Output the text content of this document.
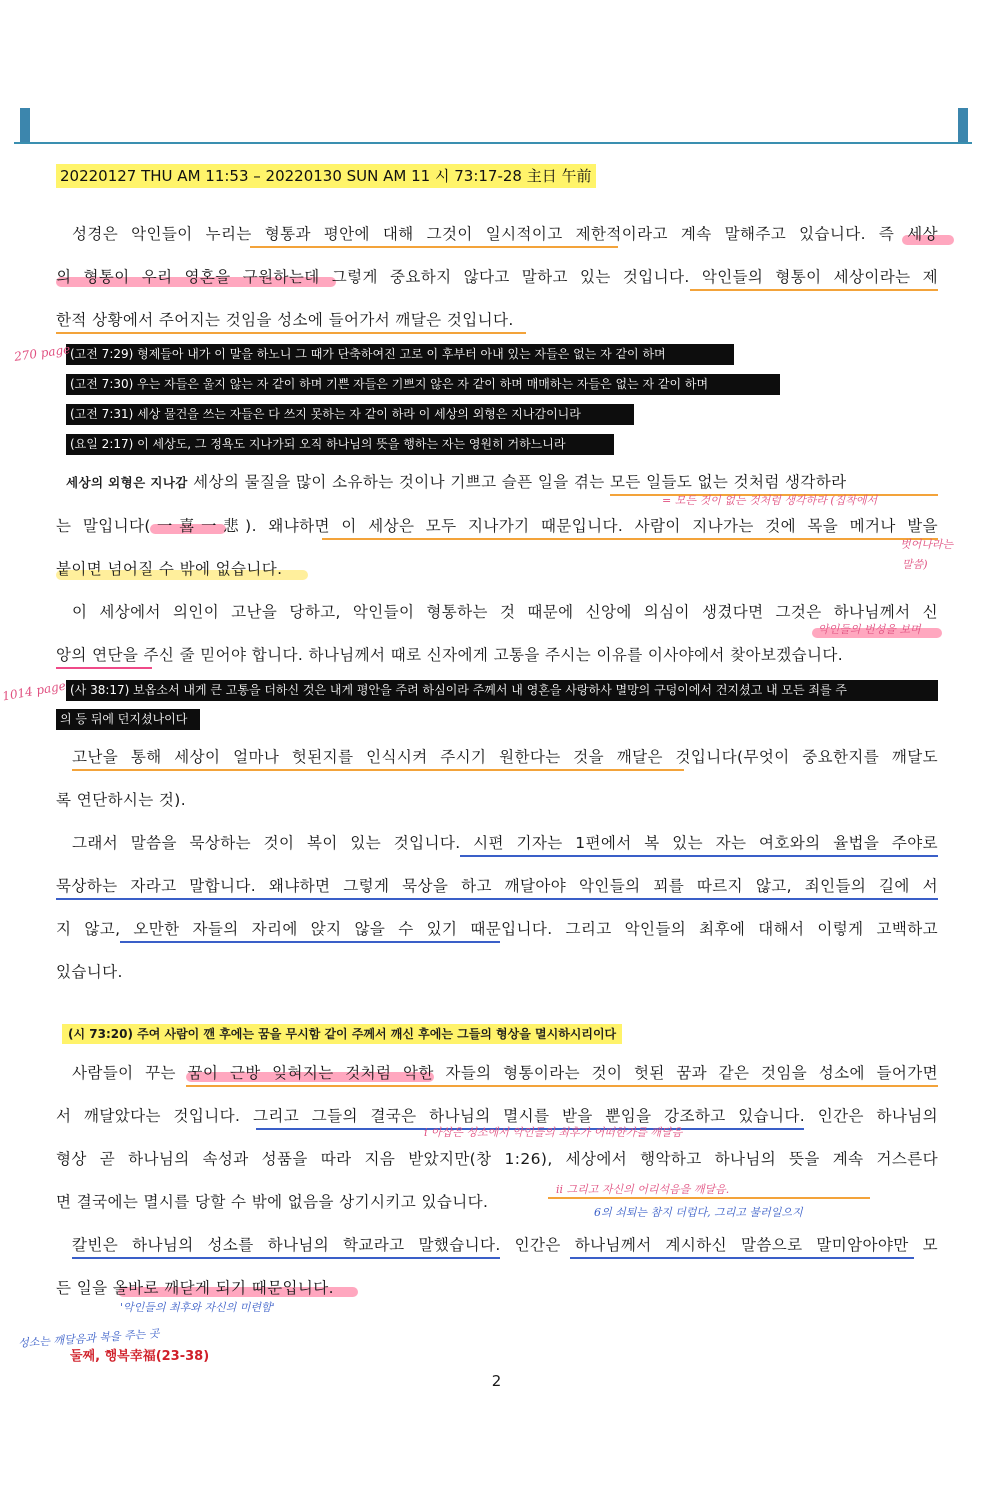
20220127 THU AM 11:53 – 20220130 SUN AM 11 시 73:17-28 主日 午前
성경은 악인들이 누리는 형통과 평안에 대해 그것이 일시적이고 제한적이라고 계속 말해주고 있습니다. 즉 세상
의 형통이 우리 영혼을 구원하는데 그렇게 중요하지 않다고 말하고 있는 것입니다. 악인들의 형통이 세상이라는 제
한적 상황에서 주어지는 것임을 성소에 들어가서 깨달은 것입니다.
(고전 7:29) 형제들아 내가 이 말을 하노니 그 때가 단축하여진 고로 이 후부터 아내 있는 자들은 없는 자 같이 하며
(고전 7:30) 우는 자들은 울지 않는 자 같이 하며 기쁜 자들은 기쁘지 않은 자 같이 하며 매매하는 자들은 없는 자 같이 하며
(고전 7:31) 세상 물건을 쓰는 자들은 다 쓰지 못하는 자 같이 하라 이 세상의 외형은 지나감이니라
(요일 2:17) 이 세상도, 그 정욕도 지나가되 오직 하나님의 뜻을 행하는 자는 영원히 거하느니라
세상의 외형은 지나감 세상의 물질을 많이 소유하는 것이나 기쁘고 슬픈 일을 겪는 모든 일들도 없는 것처럼 생각하라
는 말입니다(一喜一悲). 왜냐하면 이 세상은 모두 지나가기 때문입니다. 사람이 지나가는 것에 목을 메거나 발을
붙이면 넘어질 수 밖에 없습니다.
이 세상에서 의인이 고난을 당하고, 악인들이 형통하는 것 때문에 신앙에 의심이 생겼다면 그것은 하나님께서 신
앙의 연단을 주신 줄 믿어야 합니다. 하나님께서 때로 신자에게 고통을 주시는 이유를 이사야에서 찾아보겠습니다.
(사 38:17) 보옵소서 내게 큰 고통을 더하신 것은 내게 평안을 주려 하심이라 주께서 내 영혼을 사랑하사 멸망의 구덩이에서 건지셨고 내 모든 죄를 주
의 등 뒤에 던지셨나이다
고난을 통해 세상이 얼마나 헛된지를 인식시켜 주시기 원한다는 것을 깨달은 것입니다(무엇이 중요한지를 깨달도
록 연단하시는 것).
그래서 말씀을 묵상하는 것이 복이 있는 것입니다. 시편 기자는 1편에서 복 있는 자는 여호와의 율법을 주야로
묵상하는 자라고 말합니다. 왜냐하면 그렇게 묵상을 하고 깨달아야 악인들의 꾀를 따르지 않고, 죄인들의 길에 서
지 않고, 오만한 자들의 자리에 앉지 않을 수 있기 때문입니다. 그리고 악인들의 최후에 대해서 이렇게 고백하고
있습니다.
(시 73:20) 주여 사람이 깬 후에는 꿈을 무시함 같이 주께서 깨신 후에는 그들의 형상을 멸시하시리이다
사람들이 꾸는 꿈이 근방 잊혀지는 것처럼 악한 자들의 형통이라는 것이 헛된 꿈과 같은 것임을 성소에 들어가면
서 깨달았다는 것입니다. 그리고 그들의 결국은 하나님의 멸시를 받을 뿐임을 강조하고 있습니다. 인간은 하나님의
형상 곧 하나님의 속성과 성품을 따라 지음 받았지만(창 1:26), 세상에서 행악하고 하나님의 뜻을 계속 거스른다
면 결국에는 멸시를 당할 수 밖에 없음을 상기시키고 있습니다.
칼빈은 하나님의 성소를 하나님의 학교라고 말했습니다. 인간은 하나님께서 계시하신 말씀으로 말미암아야만 모
든 일을 올바로 깨닫게 되기 때문입니다.
270 page
1014 page
= 모든 것이 없는 것처럼 생각하라 (집착에서
벗어나라는
말씀)
악인들의 번성을 보며
i 아삽은 성소에서 악인들의 최후가 어떠한가를 깨달음
ii 그리고 자신의 어리석음을 깨달음.
6의 쇠퇴는 참지 더럽다, 그리고 불러일으지
'악인들의 최후와 자신의 미련함'
성소는 깨달음과 복을 주는 곳
둘째, 행복幸福(23-38)
2
